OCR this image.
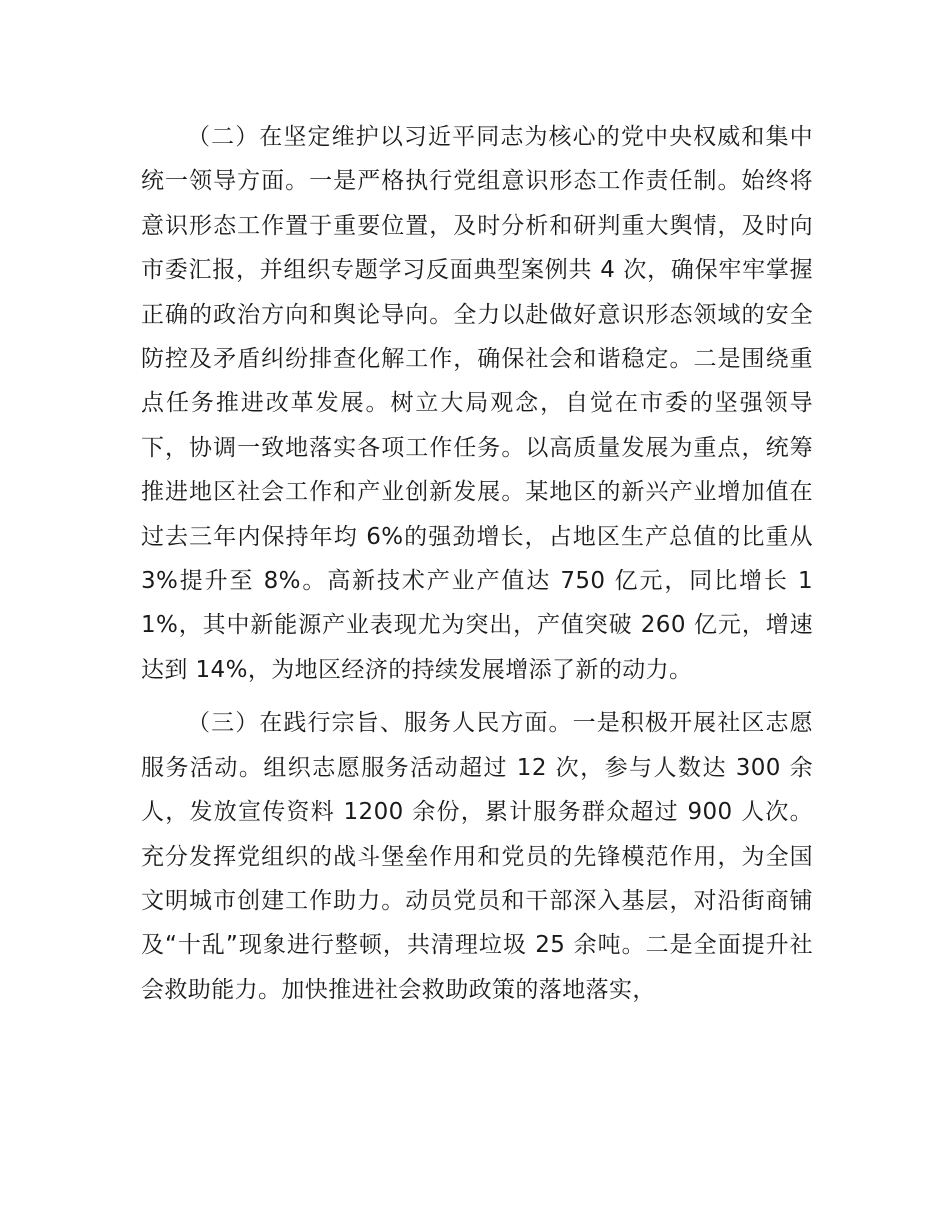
（二）在坚定维护以习近平同志为核心的党中央权威和集中统一领导方面。一是严格执行党组意识形态工作责任制。始终将意识形态工作置于重要位置，及时分析和研判重大舆情，及时向市委汇报，并组织专题学习反面典型案例共 4 次，确保牢牢掌握正确的政治方向和舆论导向。全力以赴做好意识形态领域的安全防控及矛盾纠纷排查化解工作，确保社会和谐稳定。二是围绕重点任务推进改革发展。树立大局观念，自觉在市委的坚强领导下，协调一致地落实各项工作任务。以高质量发展为重点，统筹推进地区社会工作和产业创新发展。某地区的新兴产业增加值在过去三年内保持年均 6%的强劲增长，占地区生产总值的比重从 3%提升至 8%。高新技术产业产值达 750 亿元，同比增长 11%，其中新能源产业表现尤为突出，产值突破 260 亿元，增速达到 14%，为地区经济的持续发展增添了新的动力。

（三）在践行宗旨、服务人民方面。一是积极开展社区志愿服务活动。组织志愿服务活动超过 12 次，参与人数达 300 余人，发放宣传资料 1200 余份，累计服务群众超过 900 人次。充分发挥党组织的战斗堡垒作用和党员的先锋模范作用，为全国文明城市创建工作助力。动员党员和干部深入基层，对沿街商铺及“十乱”现象进行整顿，共清理垃圾 25 余吨。二是全面提升社会救助能力。加快推进社会救助政策的落地落实，
